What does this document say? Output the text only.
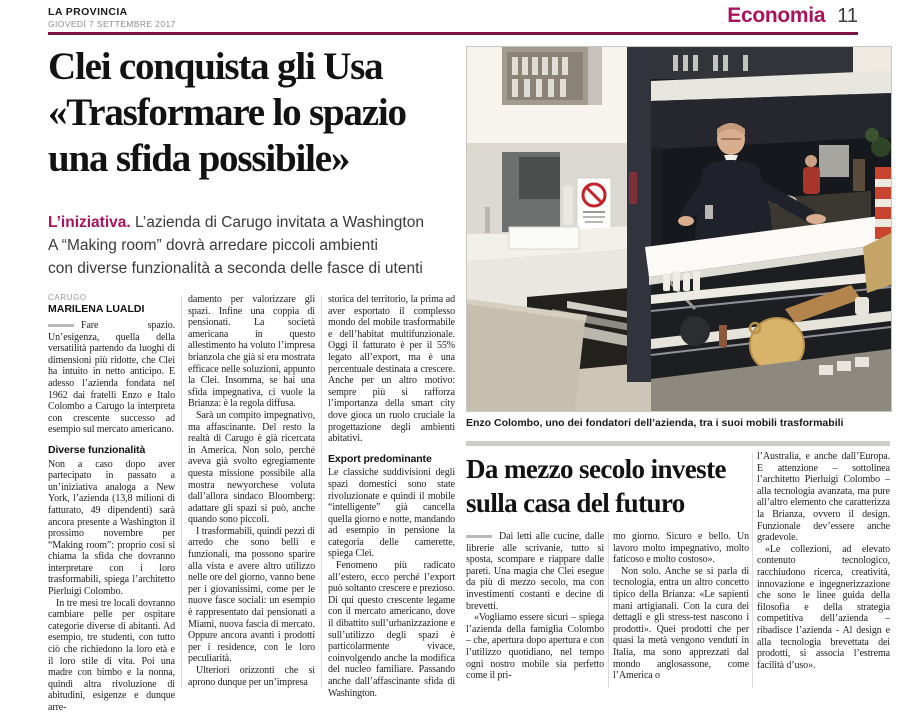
LA PROVINCIA
GIOVEDÌ 7 SETTEMBRE 2017	Economia 11
Clei conquista gli Usa
«Trasformare lo spazio
una sfida possibile»
L’iniziativa. L’azienda di Carugo invitata a Washington
A “Making room” dovrà arredare piccoli ambienti
con diverse funzionalità a seconda delle fasce di utenti
CARUGO
MARILENA LUALDI

Fare spazio. Un’esigenza, quella della versatilità partendo da luoghi di dimensioni più ridotte, che Clei ha intuito in netto anticipo. E adesso l’azienda fondata nel 1962 dai fratelli Enzo e Italo Colombo a Carugo la interpreta con crescente successo ad esempio sul mercato americano.

Diverse funzionalità

Non a caso dopo aver partecipato in passato a un’iniziativa analoga a New York, l’azienda (13,8 milioni di fatturato, 49 dipendenti) sarà ancora presente a Washington il prossimo novembre per “Making room”: proprio così si chiama la sfida che dovranno interpretare con i loro trasformabili, spiega l’architetto Pierluigi Colombo.

In tre mesi tre locali dovranno cambiare pelle per ospitare categorie diverse di abitanti. Ad esempio, tre studenti, con tutto ciò che richiedono la loro età e il loro stile di vita. Poi una madre con bimbo e la nonna, quindi altra rivoluzione di abitudini, esigenze e dunque arre-

damento per valorizzare gli spazi. Infine una coppia di pensionati. La società americana in questo allestimento ha voluto l’impresa brianzola che già si era mostrata efficace nelle soluzioni, appunto la Clei. Insomma, se hai una sfida impegnativa, ci vuole la Brianza: è la regola diffusa.

Sarà un compito impegnativo, ma affascinante. Del resto la realtà di Carugo è già ricercata in America. Non solo, perché aveva già svolto egregiamente questa missione possibile alla mostra newyorchese voluta dall’allora sindaco Bloomberg: adattare gli spazi si può, anche quando sono piccoli.

I trasformabili, quindi pezzi di arredo che sono belli e funzionali, ma possono sparire alla vista e avere altro utilizzo nelle ore del giorno, vanno bene per i giovanissimi, come per le nuove fasce sociali: un esempio è rappresentato dai pensionati a Miami, nuova fascia di mercato. Oppure ancora avanti i prodotti per i residence, con le loro peculiarità.

Ulteriori orizzonti che si aprono dunque per un’impresa

storica del territorio, la prima ad aver esportato il complesso mondo del mobile trasformabile e dell’habitat multifunzionale. Oggi il fatturato è per il 55% legato all’export, ma è una percentuale destinata a crescere. Anche per un altro motivo: sempre più si rafforza l’importanza della smart city dove gioca un ruolo cruciale la progettazione degli ambienti abitativi.

Export predominante

Le classiche suddivisioni degli spazi domestici sono state rivoluzionate e quindi il mobile “intelligente” già cancella quella giorno e notte, mandando ad esempio in pensione la categoria delle camerette, spiega Clei.

Fenomeno più radicato all’estero, ecco perché l’export può soltanto crescere e prezioso. Di qui questo crescente legame con il mercato americano, dove il dibattito sull’urbanizzazione e sull’utilizzo degli spazi è particolarmente vivace, coinvolgendo anche la modifica del nucleo familiare. Passando anche dall’affascinante sfida di Washington.

Enzo Colombo, uno dei fondatori dell’azienda, tra i suoi mobili trasformabili
Da mezzo secolo investe
sulla casa del futuro

Dai letti alle cucine, dalle librerie alle scrivanie, tutto si sposta, scompare e riappare dalle pareti. Una magia che Clei esegue da più di mezzo secolo, ma con investimenti costanti e decine di brevetti.

«Vogliamo essere sicuri – spiega l’azienda della famiglia Colombo – che, apertura dopo apertura e con l’utilizzo quotidiano, nel tempo ogni nostro mobile sia perfetto come il pri-

mo giorno. Sicuro e bello. Un lavoro molto impegnativo, molto faticoso e molto costoso».

Non solo. Anche se si parla di tecnologia, entra un altro concetto tipico della Brianza: «Le sapienti mani artigianali. Con la cura dei dettagli e gli stress-test nascono i prodotti». Quei prodotti che per quasi la metà vengono venduti in Italia, ma sono apprezzati dal mondo anglosassone, come l’America o

l’Australia, e anche dall’Europa. E attenzione – sottolinea l’architetto Pierluigi Colombo – alla tecnologia avanzata, ma pure all’altro elemento che caratterizza la Brianza, ovvero il design. Funzionale dev’essere anche gradevole.

«Le collezioni, ad elevato contenuto tecnologico, racchiudono ricerca, creatività, innovazione e ingegnerizzazione che sono le linee guida della filosofia e della strategia competitiva dell’azienda – ribadisce l’azienda - Al design e alla tecnologia brevettata dei prodotti, si associa l’estrema facilità d’uso».
